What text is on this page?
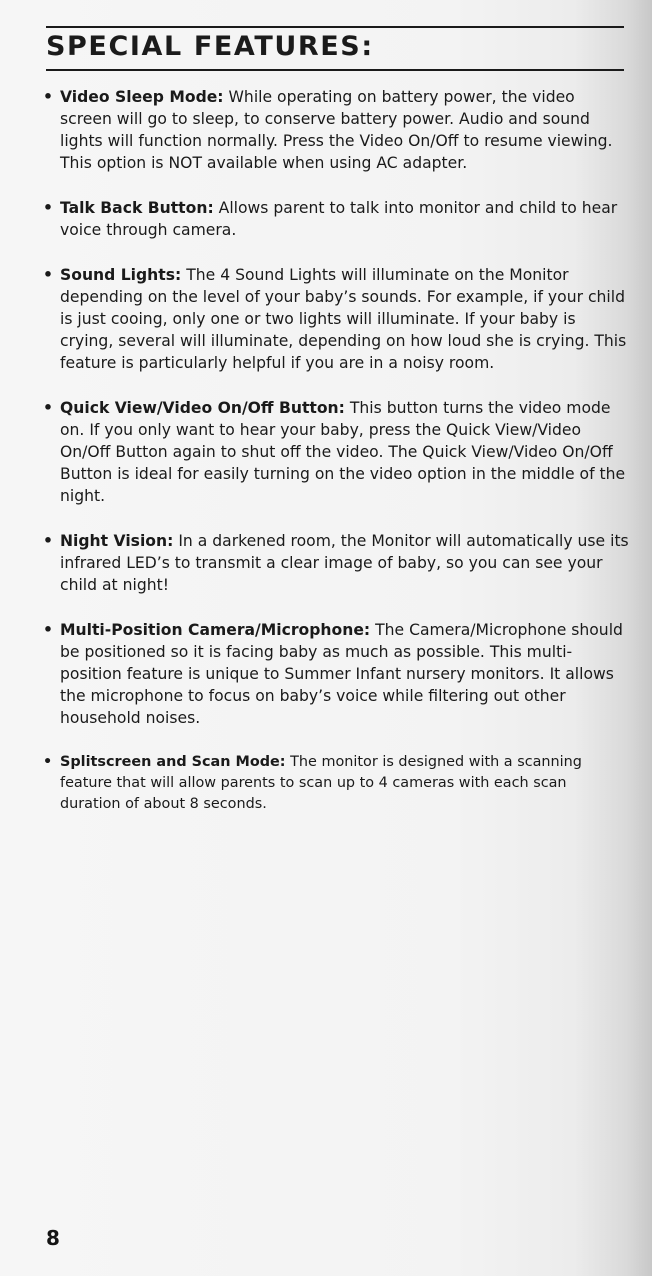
SPECIAL FEATURES:
• Video Sleep Mode: While operating on battery power, the video screen will go to sleep, to conserve battery power. Audio and sound lights will function normally. Press the Video On/Off to resume viewing. This option is NOT available when using AC adapter.
• Talk Back Button: Allows parent to talk into monitor and child to hear voice through camera.
• Sound Lights: The 4 Sound Lights will illuminate on the Monitor depending on the level of your baby’s sounds. For example, if your child is just cooing, only one or two lights will illuminate. If your baby is crying, several will illuminate, depending on how loud she is crying. This feature is particularly helpful if you are in a noisy room.
• Quick View/Video On/Off Button: This button turns the video mode on. If you only want to hear your baby, press the Quick View/Video On/Off Button again to shut off the video. The Quick View/Video On/Off Button is ideal for easily turning on the video option in the middle of the night.
• Night Vision: In a darkened room, the Monitor will automatically use its infrared LED’s to transmit a clear image of baby, so you can see your child at night!
• Multi-Position Camera/Microphone: The Camera/Microphone should be positioned so it is facing baby as much as possible. This multi-position feature is unique to Summer Infant nursery monitors. It allows the microphone to focus on baby’s voice while filtering out other household noises.
• Splitscreen and Scan Mode: The monitor is designed with a scanning feature that will allow parents to scan up to 4 cameras with each scan duration of about 8 seconds.
8
